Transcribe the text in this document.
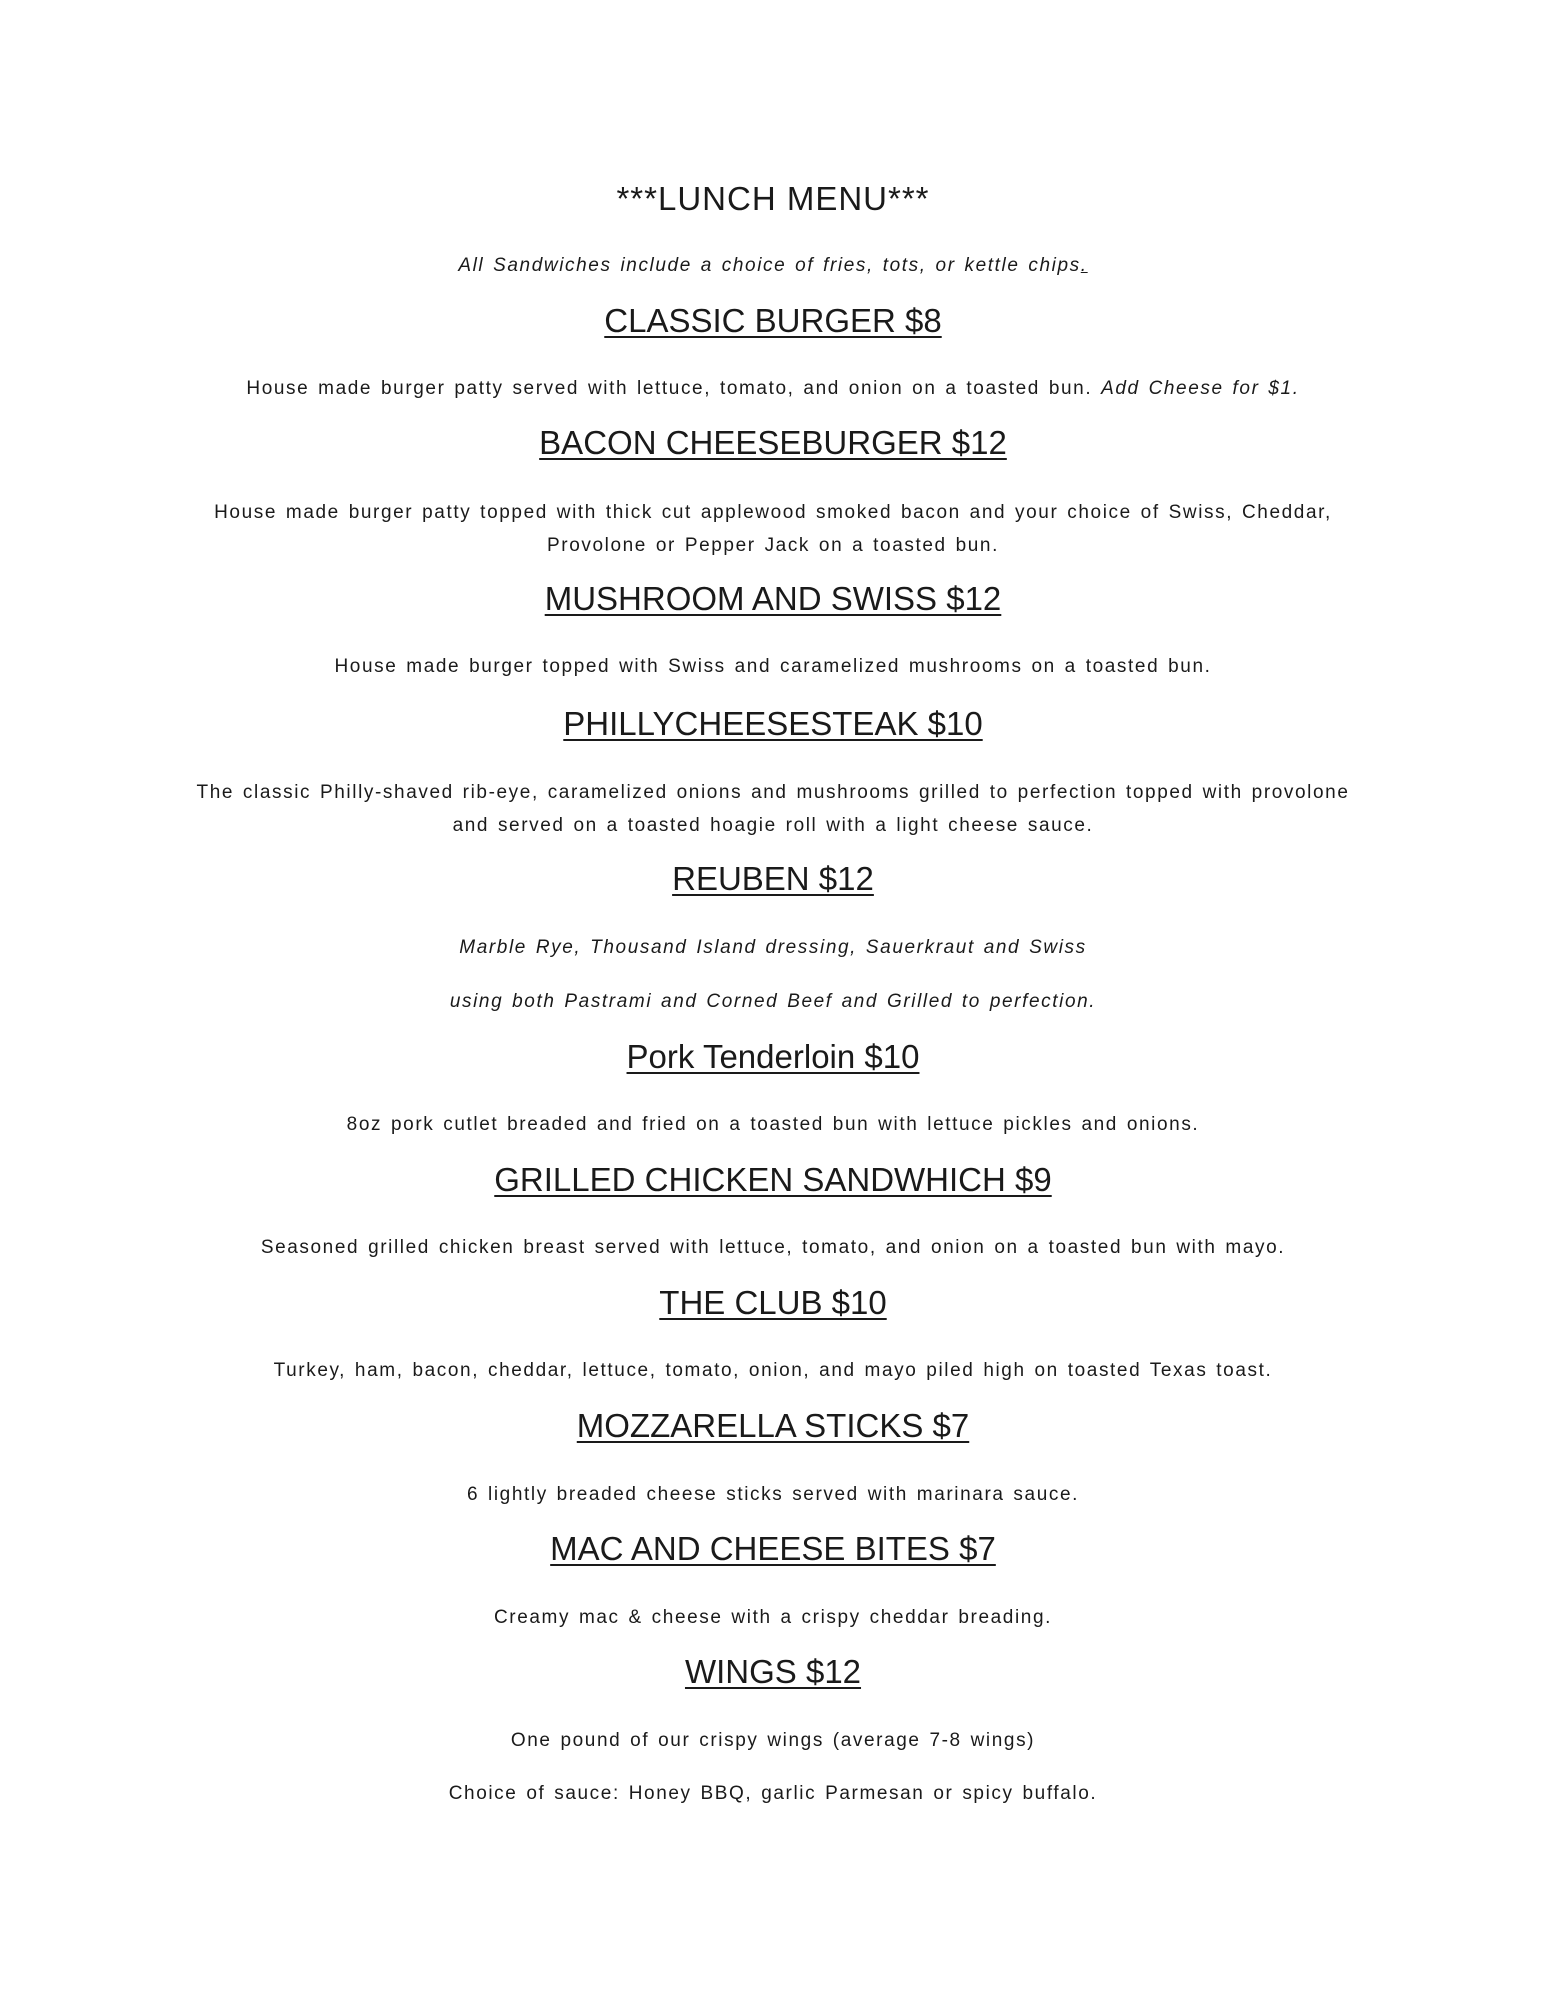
***LUNCH MENU***

All Sandwiches include a choice of fries, tots, or kettle chips.

CLASSIC BURGER $8

House made burger patty served with lettuce, tomato, and onion on a toasted bun. Add Cheese for $1.

BACON CHEESEBURGER $12

House made burger patty topped with thick cut applewood smoked bacon and your choice of Swiss, Cheddar,

Provolone or Pepper Jack on a toasted bun.

MUSHROOM AND SWISS $12

House made burger topped with Swiss and caramelized mushrooms on a toasted bun.

PHILLYCHEESESTEAK $10

The classic Philly-shaved rib-eye, caramelized onions and mushrooms grilled to perfection topped with provolone

and served on a toasted hoagie roll with a light cheese sauce.

REUBEN $12

Marble Rye, Thousand Island dressing, Sauerkraut and Swiss

using both Pastrami and Corned Beef and Grilled to perfection.

Pork Tenderloin $10

8oz pork cutlet breaded and fried on a toasted bun with lettuce pickles and onions.

GRILLED CHICKEN SANDWHICH $9

Seasoned grilled chicken breast served with lettuce, tomato, and onion on a toasted bun with mayo.

THE CLUB $10

Turkey, ham, bacon, cheddar, lettuce, tomato, onion, and mayo piled high on toasted Texas toast.

MOZZARELLA STICKS $7

6 lightly breaded cheese sticks served with marinara sauce.

MAC AND CHEESE BITES $7

Creamy mac & cheese with a crispy cheddar breading.

WINGS $12

One pound of our crispy wings (average 7-8 wings)

Choice of sauce: Honey BBQ, garlic Parmesan or spicy buffalo.
